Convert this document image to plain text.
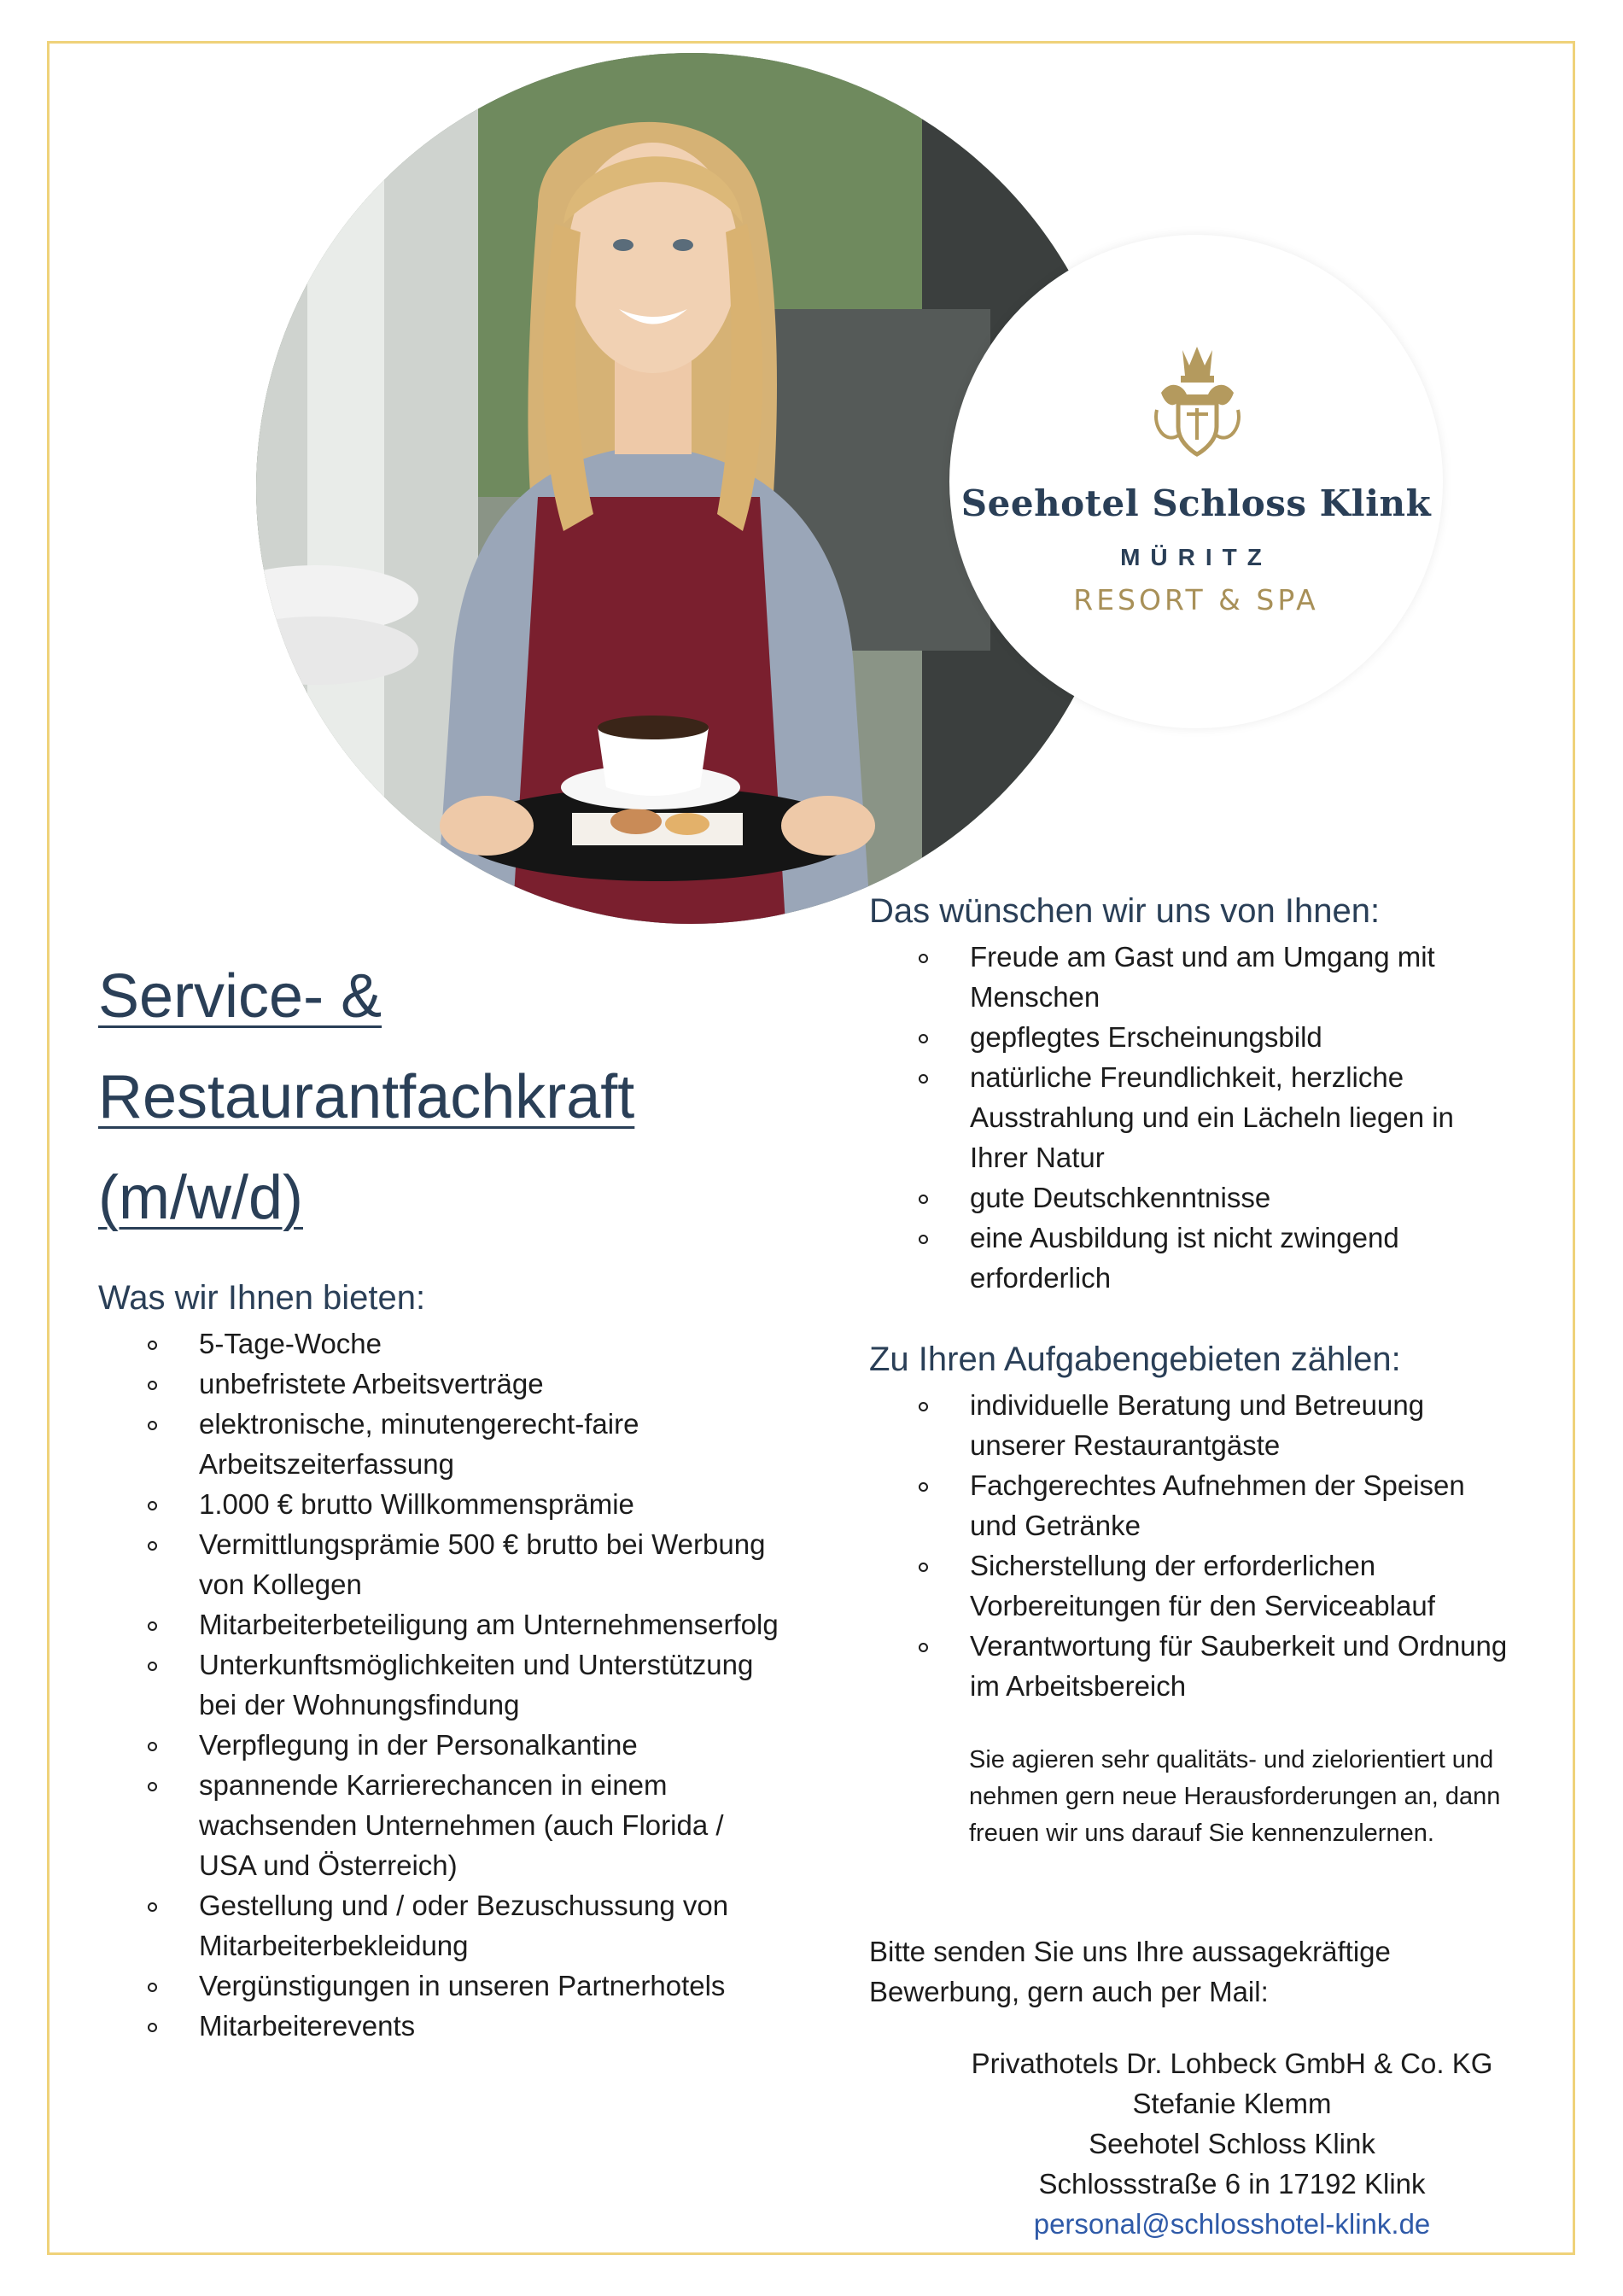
Seehotel Schloss Klink
MÜRITZ
RESORT & SPA
Service- &
Restaurantfachkraft
(m/w/d)
Was wir Ihnen bieten:
5-Tage-Woche
unbefristete Arbeitsverträge
elektronische, minutengerecht-faire Arbeitszeiterfassung
1.000 € brutto Willkommensprämie
Vermittlungsprämie 500 € brutto bei Werbung von Kollegen
Mitarbeiterbeteiligung am Unternehmenserfolg
Unterkunftsmöglichkeiten und Unterstützung bei der Wohnungsfindung
Verpflegung in der Personalkantine
spannende Karrierechancen in einem wachsenden Unternehmen (auch Florida / USA und Österreich)
Gestellung und / oder Bezuschussung von Mitarbeiterbekleidung
Vergünstigungen in unseren Partnerhotels
Mitarbeiterevents
Das wünschen wir uns von Ihnen:
Freude am Gast und am Umgang mit Menschen
gepflegtes Erscheinungsbild
natürliche Freundlichkeit, herzliche Ausstrahlung und ein Lächeln liegen in Ihrer Natur
gute Deutschkenntnisse
eine Ausbildung ist nicht zwingend erforderlich
Zu Ihren Aufgabengebieten zählen:
individuelle Beratung und Betreuung unserer Restaurantgäste
Fachgerechtes Aufnehmen der Speisen und Getränke
Sicherstellung der erforderlichen Vorbereitungen für den Serviceablauf
Verantwortung für Sauberkeit und Ordnung im Arbeitsbereich

Sie agieren sehr qualitäts- und zielorientiert und nehmen gern neue Herausforderungen an, dann freuen wir uns darauf Sie kennenzulernen.

Bitte senden Sie uns Ihre aussagekräftige Bewerbung, gern auch per Mail:

Privathotels Dr. Lohbeck GmbH & Co. KG
Stefanie Klemm
Seehotel Schloss Klink
Schlossstraße 6 in 17192 Klink
personal@schlosshotel-klink.de
